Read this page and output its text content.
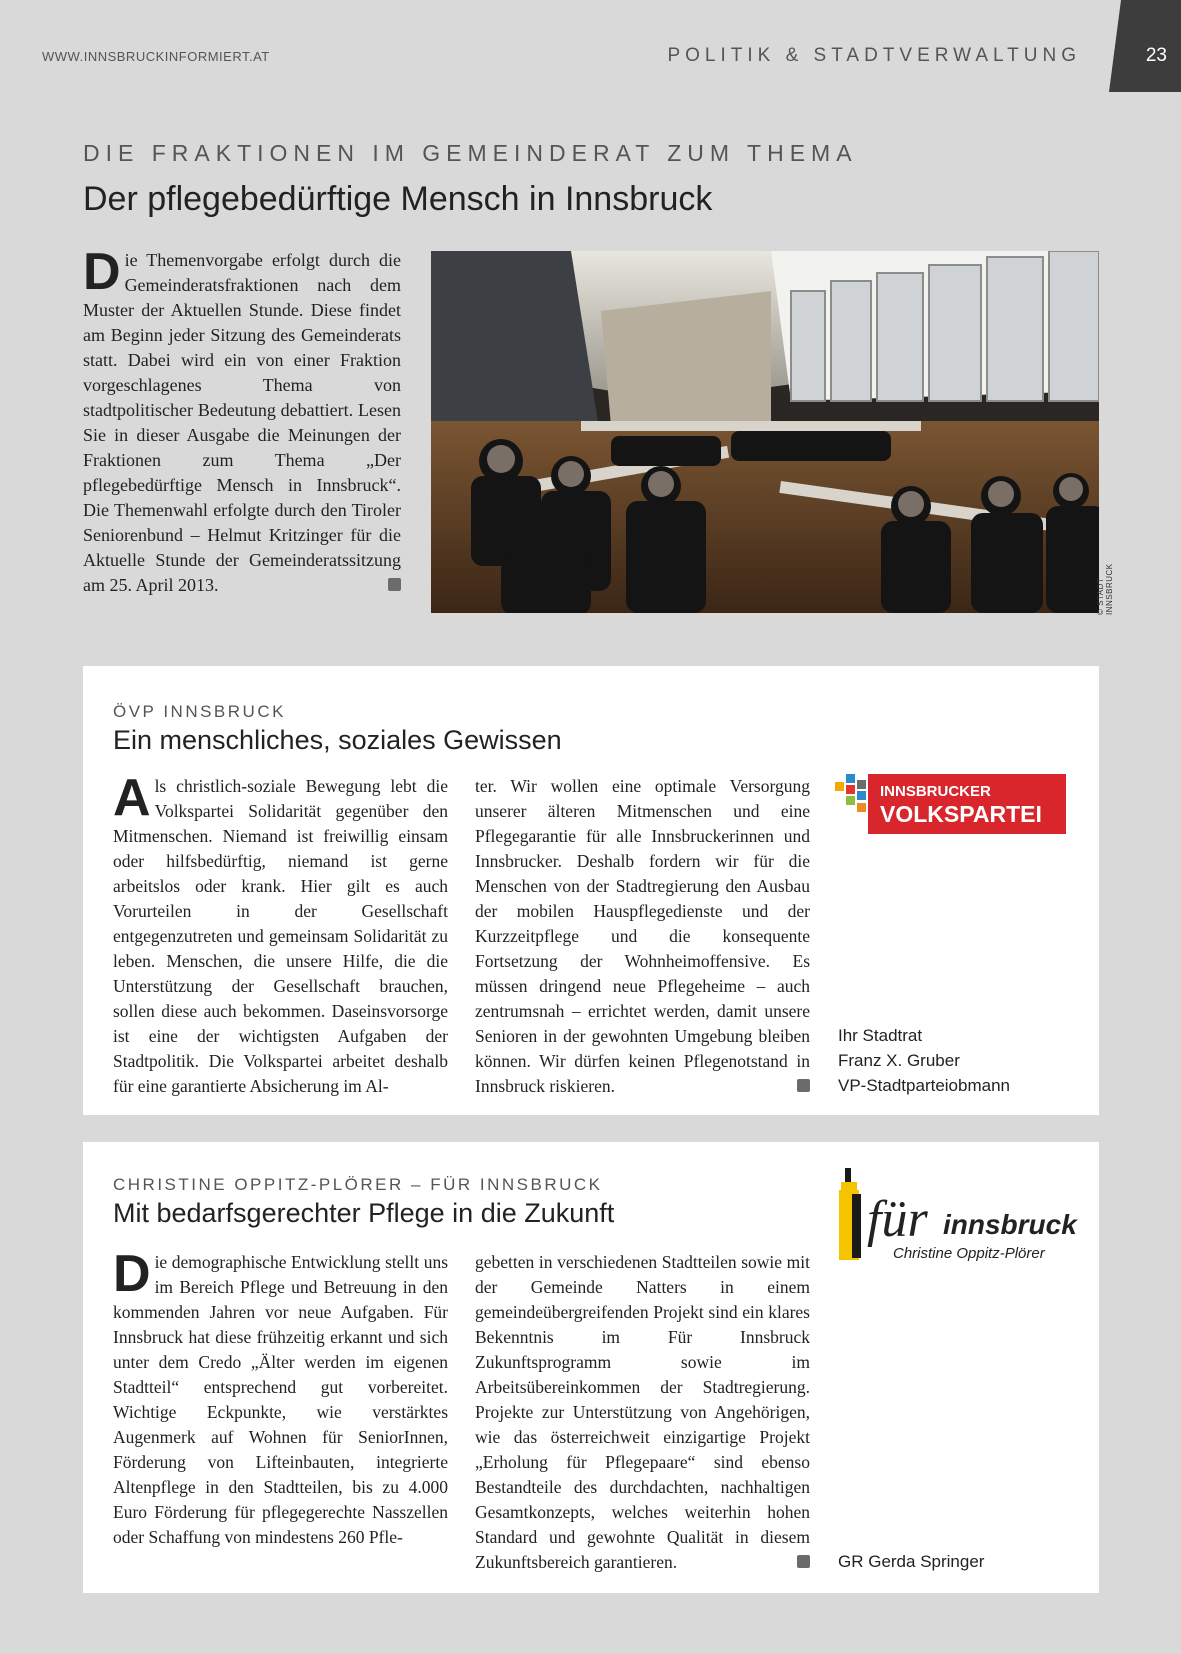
WWW.INNSBRUCKINFORMIERT.AT	POLITIK & STADTVERWALTUNG	23
DIE FRAKTIONEN IM GEMEINDERAT ZUM THEMA
Der pflegebedürftige Mensch in Innsbruck
Die Themenvorgabe erfolgt durch die Gemeinderatsfraktionen nach dem Muster der Aktuellen Stunde. Diese findet am Beginn jeder Sitzung des Gemeinderats statt. Dabei wird ein von einer Fraktion vorgeschlagenes Thema von stadtpolitischer Bedeutung debattiert. Lesen Sie in dieser Ausgabe die Meinungen der Fraktionen zum Thema „Der pflegebedürftige Mensch in Innsbruck“. Die Themenwahl erfolgte durch den Tiroler Seniorenbund – Helmut Kritzinger für die Aktuelle Stunde der Gemeinderatssitzung am 25. April 2013.	© STADT INNSBRUCK
ÖVP INNSBRUCK
Ein menschliches, soziales Gewissen
Als christlich-soziale Bewegung lebt die Volkspartei Solidarität gegenüber den Mitmenschen. Niemand ist freiwillig einsam oder hilfsbedürftig, niemand ist gerne arbeitslos oder krank. Hier gilt es auch Vorurteilen in der Gesellschaft entgegenzutreten und gemeinsam Solidarität zu leben. Menschen, die unsere Hilfe, die die Unterstützung der Gesellschaft brauchen, sollen diese auch bekommen. Daseinsvorsorge ist eine der wichtigsten Aufgaben der Stadtpolitik. Die Volkspartei arbeitet deshalb für eine garantierte Absicherung im Al-
ter. Wir wollen eine optimale Versorgung unserer älteren Mitmenschen und eine Pflegegarantie für alle Innsbruckerinnen und Innsbrucker. Deshalb fordern wir für die Menschen von der Stadtregierung den Ausbau der mobilen Hauspflegedienste und der Kurzzeitpflege und die konsequente Fortsetzung der Wohnheimoffensive. Es müssen dringend neue Pflegeheime – auch zentrumsnah – errichtet werden, damit unsere Senioren in der gewohnten Umgebung bleiben können. Wir dürfen keinen Pflegenotstand in Innsbruck riskieren.
INNSBRUCKER
VOLKSPARTEI
Ihr Stadtrat
Franz X. Gruber
VP-Stadtparteiobmann
CHRISTINE OPPITZ-PLÖRER – FÜR INNSBRUCK
Mit bedarfsgerechter Pflege in die Zukunft
Die demographische Entwicklung stellt uns im Bereich Pflege und Betreuung in den kommenden Jahren vor neue Aufgaben. Für Innsbruck hat diese frühzeitig erkannt und sich unter dem Credo „Älter werden im eigenen Stadtteil“ entsprechend gut vorbereitet. Wichtige Eckpunkte, wie verstärktes Augenmerk auf Wohnen für SeniorInnen, Förderung von Lifteinbauten, integrierte Altenpflege in den Stadtteilen, bis zu 4.000 Euro Förderung für pflegegerechte Nasszellen oder Schaffung von mindestens 260 Pfle-
gebetten in verschiedenen Stadtteilen sowie mit der Gemeinde Natters in einem gemeindeübergreifenden Projekt sind ein klares Bekenntnis im Für Innsbruck Zukunftsprogramm sowie im Arbeitsübereinkommen der Stadtregierung. Projekte zur Unterstützung von Angehörigen, wie das österreichweit einzigartige Projekt „Erholung für Pflegepaare“ sind ebenso Bestandteile des durchdachten, nachhaltigen Gesamtkonzepts, welches weiterhin hohen Standard und gewohnte Qualität in diesem Zukunftsbereich garantieren.
für innsbruck
Christine Oppitz-Plörer
GR Gerda Springer
